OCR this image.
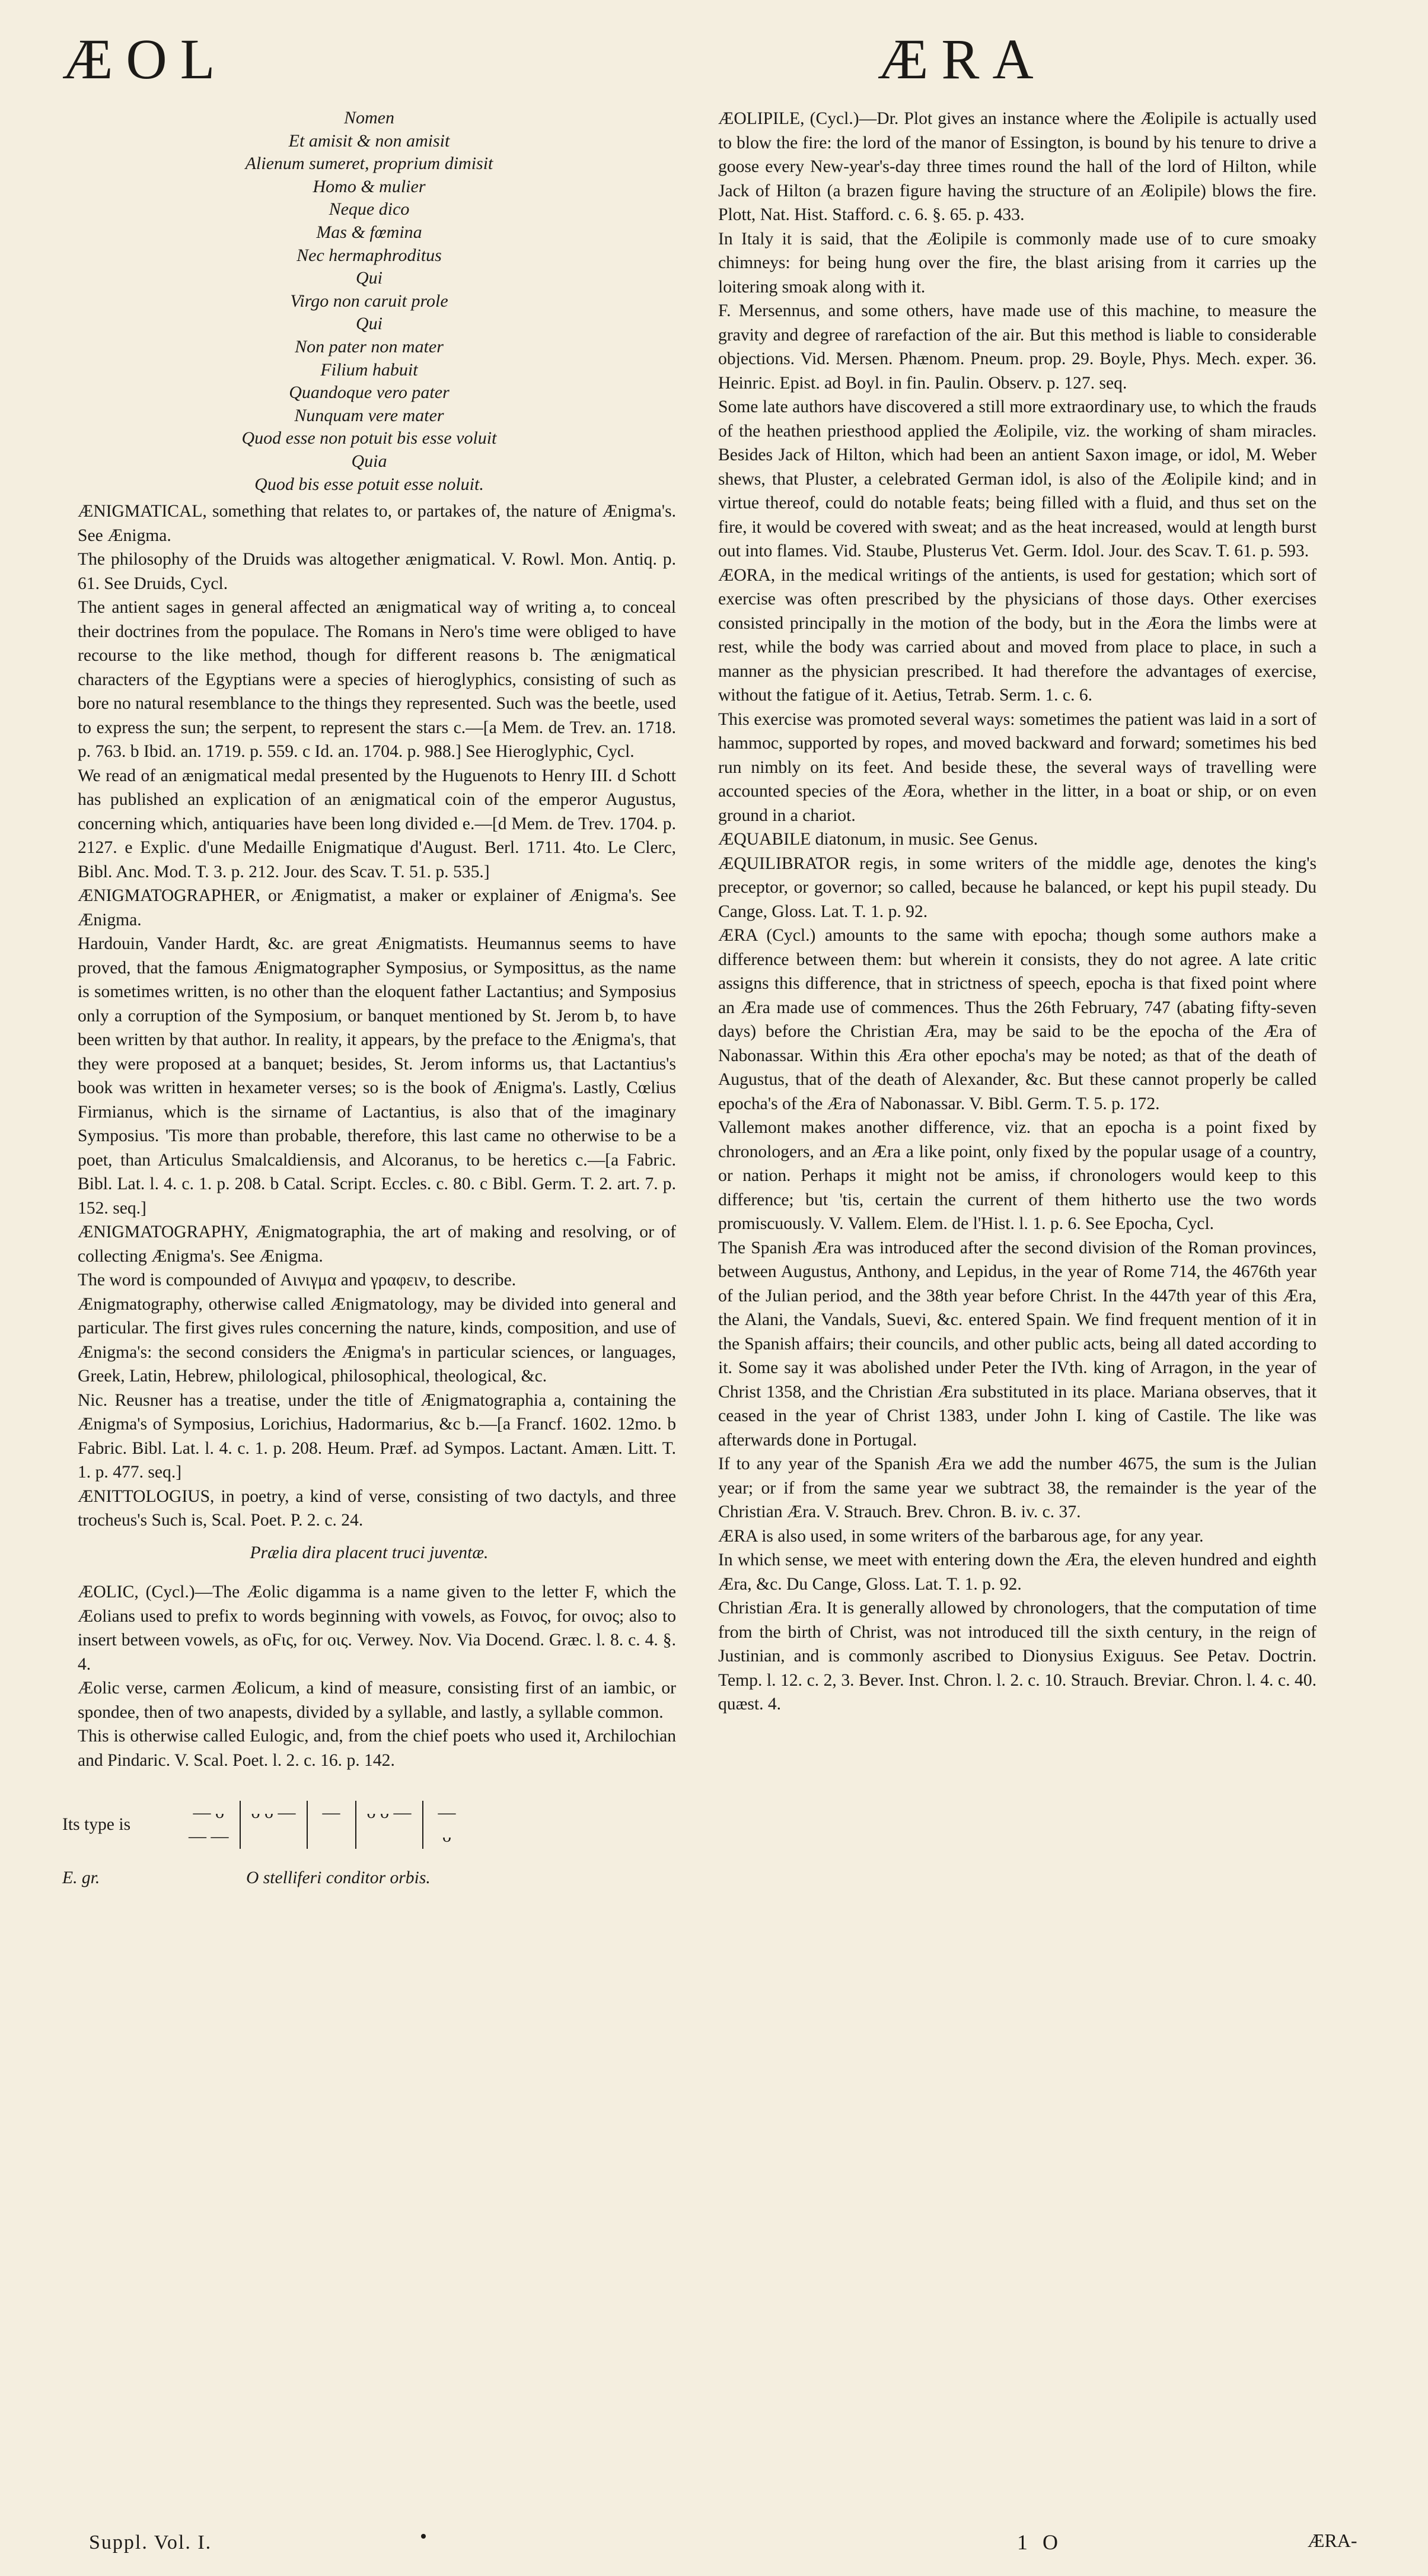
ÆOL	ÆRA
Nomen
Et amisit & non amisit
Alienum sumeret, proprium dimisit
Homo & mulier
Neque dico
Mas & fœmina
Nec hermaphroditus
Qui
Virgo non caruit prole
Qui
Non pater non mater
Filium habuit
Quandoque vero pater
Nunquam vere mater
Quod esse non potuit bis esse voluit
Quia
Quod bis esse potuit esse noluit.

ÆNIGMATICAL, something that relates to, or partakes of, the nature of Ænigma's. See Ænigma.

The philosophy of the Druids was altogether ænigmatical. V. Rowl. Mon. Antiq. p. 61. See Druids, Cycl.

The antient sages in general affected an ænigmatical way of writing a, to conceal their doctrines from the populace. The Romans in Nero's time were obliged to have recourse to the like method, though for different reasons b. The ænigmatical characters of the Egyptians were a species of hieroglyphics, consisting of such as bore no natural resemblance to the things they represented. Such was the beetle, used to express the sun; the serpent, to represent the stars c.—[a Mem. de Trev. an. 1718. p. 763. b Ibid. an. 1719. p. 559. c Id. an. 1704. p. 988.] See Hieroglyphic, Cycl.

We read of an ænigmatical medal presented by the Huguenots to Henry III. d Schott has published an explication of an ænigmatical coin of the emperor Augustus, concerning which, antiquaries have been long divided e.—[d Mem. de Trev. 1704. p. 2127. e Explic. d'une Medaille Enigmatique d'August. Berl. 1711. 4to. Le Clerc, Bibl. Anc. Mod. T. 3. p. 212. Jour. des Scav. T. 51. p. 535.]

ÆNIGMATOGRAPHER, or Ænigmatist, a maker or explainer of Ænigma's. See Ænigma.

Hardouin, Vander Hardt, &c. are great Ænigmatists. Heumannus seems to have proved, that the famous Ænigmatographer Symposius, or Symposittus, as the name is sometimes written, is no other than the eloquent father Lactantius; and Symposius only a corruption of the Symposium, or banquet mentioned by St. Jerom b, to have been written by that author. In reality, it appears, by the preface to the Ænigma's, that they were proposed at a banquet; besides, St. Jerom informs us, that Lactantius's book was written in hexameter verses; so is the book of Ænigma's. Lastly, Cœlius Firmianus, which is the sirname of Lactantius, is also that of the imaginary Symposius. 'Tis more than probable, therefore, this last came no otherwise to be a poet, than Articulus Smalcaldiensis, and Alcoranus, to be heretics c.—[a Fabric. Bibl. Lat. l. 4. c. 1. p. 208. b Catal. Script. Eccles. c. 80. c Bibl. Germ. T. 2. art. 7. p. 152. seq.]

ÆNIGMATOGRAPHY, Ænigmatographia, the art of making and resolving, or of collecting Ænigma's. See Ænigma.

The word is compounded of Αινιγμα and γραφειν, to describe.

Ænigmatography, otherwise called Ænigmatology, may be divided into general and particular. The first gives rules concerning the nature, kinds, composition, and use of Ænigma's: the second considers the Ænigma's in particular sciences, or languages, Greek, Latin, Hebrew, philological, philosophical, theological, &c.

Nic. Reusner has a treatise, under the title of Ænigmatographia a, containing the Ænigma's of Symposius, Lorichius, Hadormarius, &c b.—[a Francf. 1602. 12mo. b Fabric. Bibl. Lat. l. 4. c. 1. p. 208. Heum. Præf. ad Sympos. Lactant. Amæn. Litt. T. 1. p. 477. seq.]

ÆNITTOLOGIUS, in poetry, a kind of verse, consisting of two dactyls, and three trocheus's Such is, Scal. Poet. P. 2. c. 24.

Prælia dira placent truci juventæ.

ÆOLIC, (Cycl.)—The Æolic digamma is a name given to the letter F, which the Æolians used to prefix to words beginning with vowels, as Fοινος, for οινος; also to insert between vowels, as οFις, for οις. Verwey. Nov. Via Docend. Græc. l. 8. c. 4. §. 4.

Æolic verse, carmen Æolicum, a kind of measure, consisting first of an iambic, or spondee, then of two anapests, divided by a syllable, and lastly, a syllable common.

This is otherwise called Eulogic, and, from the chief poets who used it, Archilochian and Pindaric. V. Scal. Poet. l. 2. c. 16. p. 142.

Its type is
— ᴗ
— —
ᴗ ᴗ — — ᴗ ᴗ — —
ᴗ
E. gr.	O stelliferi conditor orbis.

ÆOLIPILE, (Cycl.)—Dr. Plot gives an instance where the Æolipile is actually used to blow the fire: the lord of the manor of Essington, is bound by his tenure to drive a goose every New-year's-day three times round the hall of the lord of Hilton, while Jack of Hilton (a brazen figure having the structure of an Æolipile) blows the fire. Plott, Nat. Hist. Stafford. c. 6. §. 65. p. 433.

In Italy it is said, that the Æolipile is commonly made use of to cure smoaky chimneys: for being hung over the fire, the blast arising from it carries up the loitering smoak along with it.

F. Mersennus, and some others, have made use of this machine, to measure the gravity and degree of rarefaction of the air. But this method is liable to considerable objections. Vid. Mersen. Phænom. Pneum. prop. 29. Boyle, Phys. Mech. exper. 36. Heinric. Epist. ad Boyl. in fin. Paulin. Observ. p. 127. seq.

Some late authors have discovered a still more extraordinary use, to which the frauds of the heathen priesthood applied the Æolipile, viz. the working of sham miracles. Besides Jack of Hilton, which had been an antient Saxon image, or idol, M. Weber shews, that Pluster, a celebrated German idol, is also of the Æolipile kind; and in virtue thereof, could do notable feats; being filled with a fluid, and thus set on the fire, it would be covered with sweat; and as the heat increased, would at length burst out into flames. Vid. Staube, Plusterus Vet. Germ. Idol. Jour. des Scav. T. 61. p. 593.

ÆORA, in the medical writings of the antients, is used for gestation; which sort of exercise was often prescribed by the physicians of those days. Other exercises consisted principally in the motion of the body, but in the Æora the limbs were at rest, while the body was carried about and moved from place to place, in such a manner as the physician prescribed. It had therefore the advantages of exercise, without the fatigue of it. Aetius, Tetrab. Serm. 1. c. 6.

This exercise was promoted several ways: sometimes the patient was laid in a sort of hammoc, supported by ropes, and moved backward and forward; sometimes his bed run nimbly on its feet. And beside these, the several ways of travelling were accounted species of the Æora, whether in the litter, in a boat or ship, or on even ground in a chariot.

ÆQUABILE diatonum, in music. See Genus.

ÆQUILIBRATOR regis, in some writers of the middle age, denotes the king's preceptor, or governor; so called, because he balanced, or kept his pupil steady. Du Cange, Gloss. Lat. T. 1. p. 92.

ÆRA (Cycl.) amounts to the same with epocha; though some authors make a difference between them: but wherein it consists, they do not agree. A late critic assigns this difference, that in strictness of speech, epocha is that fixed point where an Æra made use of commences. Thus the 26th February, 747 (abating fifty-seven days) before the Christian Æra, may be said to be the epocha of the Æra of Nabonassar. Within this Æra other epocha's may be noted; as that of the death of Augustus, that of the death of Alexander, &c. But these cannot properly be called epocha's of the Æra of Nabonassar. V. Bibl. Germ. T. 5. p. 172.

Vallemont makes another difference, viz. that an epocha is a point fixed by chronologers, and an Æra a like point, only fixed by the popular usage of a country, or nation. Perhaps it might not be amiss, if chronologers would keep to this difference; but 'tis, certain the current of them hitherto use the two words promiscuously. V. Vallem. Elem. de l'Hist. l. 1. p. 6. See Epocha, Cycl.

The Spanish Æra was introduced after the second division of the Roman provinces, between Augustus, Anthony, and Lepidus, in the year of Rome 714, the 4676th year of the Julian period, and the 38th year before Christ. In the 447th year of this Æra, the Alani, the Vandals, Suevi, &c. entered Spain. We find frequent mention of it in the Spanish affairs; their councils, and other public acts, being all dated according to it. Some say it was abolished under Peter the IVth. king of Arragon, in the year of Christ 1358, and the Christian Æra substituted in its place. Mariana observes, that it ceased in the year of Christ 1383, under John I. king of Castile. The like was afterwards done in Portugal.

If to any year of the Spanish Æra we add the number 4675, the sum is the Julian year; or if from the same year we subtract 38, the remainder is the year of the Christian Æra. V. Strauch. Brev. Chron. B. iv. c. 37.

ÆRA is also used, in some writers of the barbarous age, for any year.

In which sense, we meet with entering down the Æra, the eleven hundred and eighth Æra, &c. Du Cange, Gloss. Lat. T. 1. p. 92.

Christian Æra. It is generally allowed by chronologers, that the computation of time from the birth of Christ, was not introduced till the sixth century, in the reign of Justinian, and is commonly ascribed to Dionysius Exiguus. See Petav. Doctrin. Temp. l. 12. c. 2, 3. Bever. Inst. Chron. l. 2. c. 10. Strauch. Breviar. Chron. l. 4. c. 40. quæst. 4.

Suppl. Vol. I.	1 O	ÆRA-
